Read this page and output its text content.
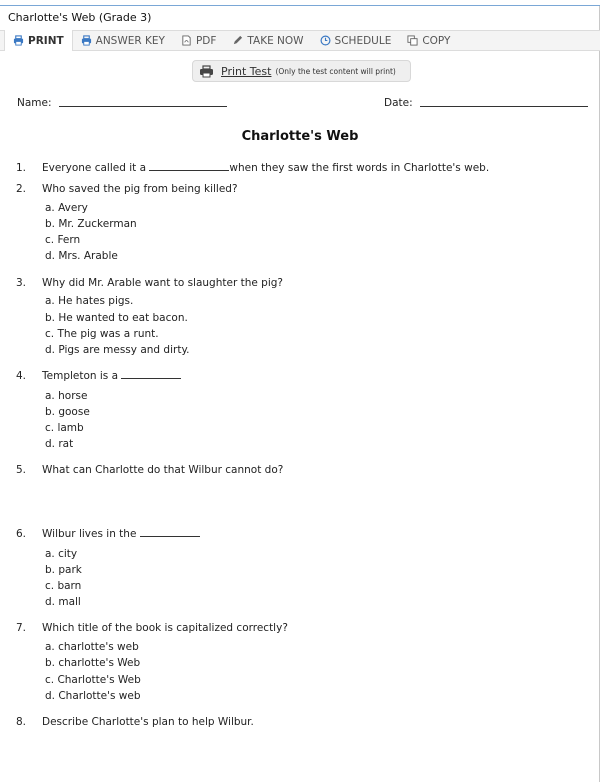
Charlotte's Web (Grade 3)
PRINT	ANSWER KEY	PDF	TAKE NOW	SCHEDULE	COPY
Print Test (Only the test content will print)
Name:	Date:
Charlotte's Web
1. Everyone called it a	when they saw the first words in Charlotte's web.
2. Who saved the pig from being killed?
a. Avery
b. Mr. Zuckerman
c. Fern
d. Mrs. Arable
3. Why did Mr. Arable want to slaughter the pig?
a. He hates pigs.
b. He wanted to eat bacon.
c. The pig was a runt.
d. Pigs are messy and dirty.
4. Templeton is a
a. horse
b. goose
c. lamb
d. rat
5. What can Charlotte do that Wilbur cannot do?
6. Wilbur lives in the
a. city
b. park
c. barn
d. mall
7. Which title of the book is capitalized correctly?
a. charlotte's web
b. charlotte's Web
c. Charlotte's Web
d. Charlotte's web
8. Describe Charlotte's plan to help Wilbur.
